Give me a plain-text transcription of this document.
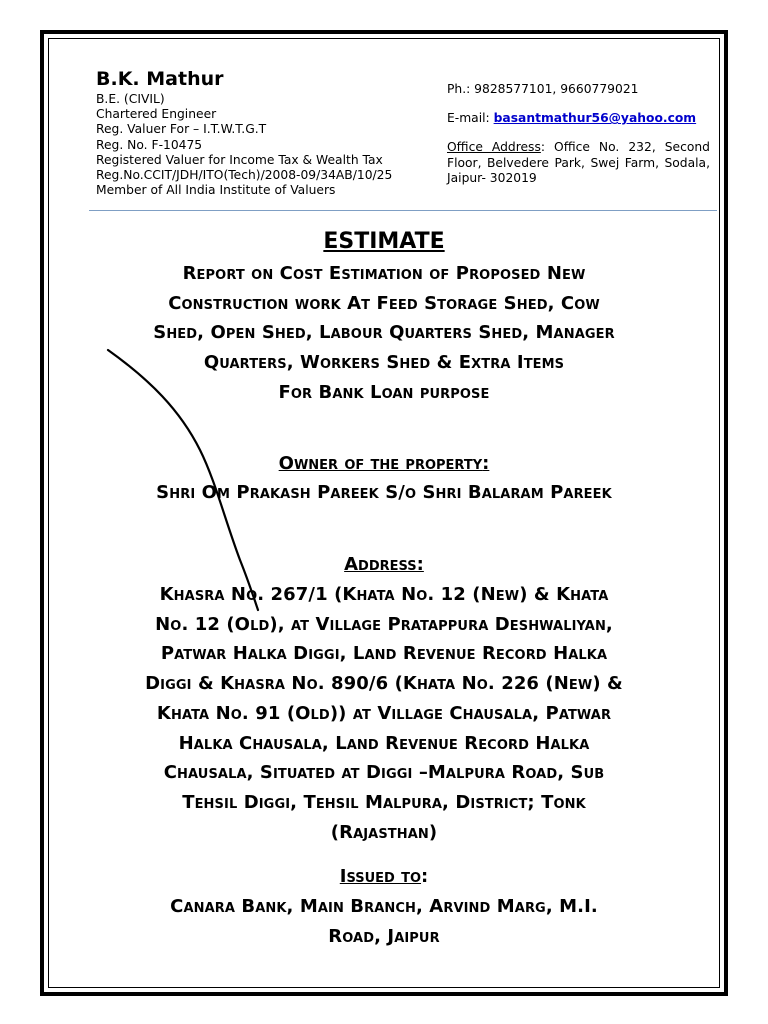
B.K. Mathur
B.E. (CIVIL)
Chartered Engineer
Reg. Valuer For – I.T.W.T.G.T
Reg. No. F-10475
Registered Valuer for Income Tax & Wealth Tax
Reg.No.CCIT/JDH/ITO(Tech)/2008-09/34AB/10/25
Member of All India Institute of Valuers
Ph.: 9828577101, 9660779021
E-mail: basantmathur56@yahoo.com
Office Address: Office No. 232, Second Floor, Belvedere Park, Swej Farm, Sodala, Jaipur- 302019
ESTIMATE
Report on Cost Estimation of Proposed New
Construction work At Feed Storage Shed, Cow
Shed, Open Shed, Labour Quarters Shed, Manager
Quarters, Workers Shed & Extra Items
For Bank Loan purpose
Owner of the property:
Shri Om Prakash Pareek S/o Shri Balaram Pareek
Address:
Khasra No. 267/1 (Khata No. 12 (New) & Khata
No. 12 (Old), at Village Pratappura Deshwaliyan,
Patwar Halka Diggi, Land Revenue Record Halka
Diggi & Khasra No. 890/6 (Khata No. 226 (New) &
Khata No. 91 (Old)) at Village Chausala, Patwar
Halka Chausala, Land Revenue Record Halka
Chausala, Situated at Diggi –Malpura Road, Sub
Tehsil Diggi, Tehsil Malpura, District; Tonk
(Rajasthan)
Issued to:
Canara Bank, Main Branch, Arvind Marg, M.I.
Road, Jaipur
